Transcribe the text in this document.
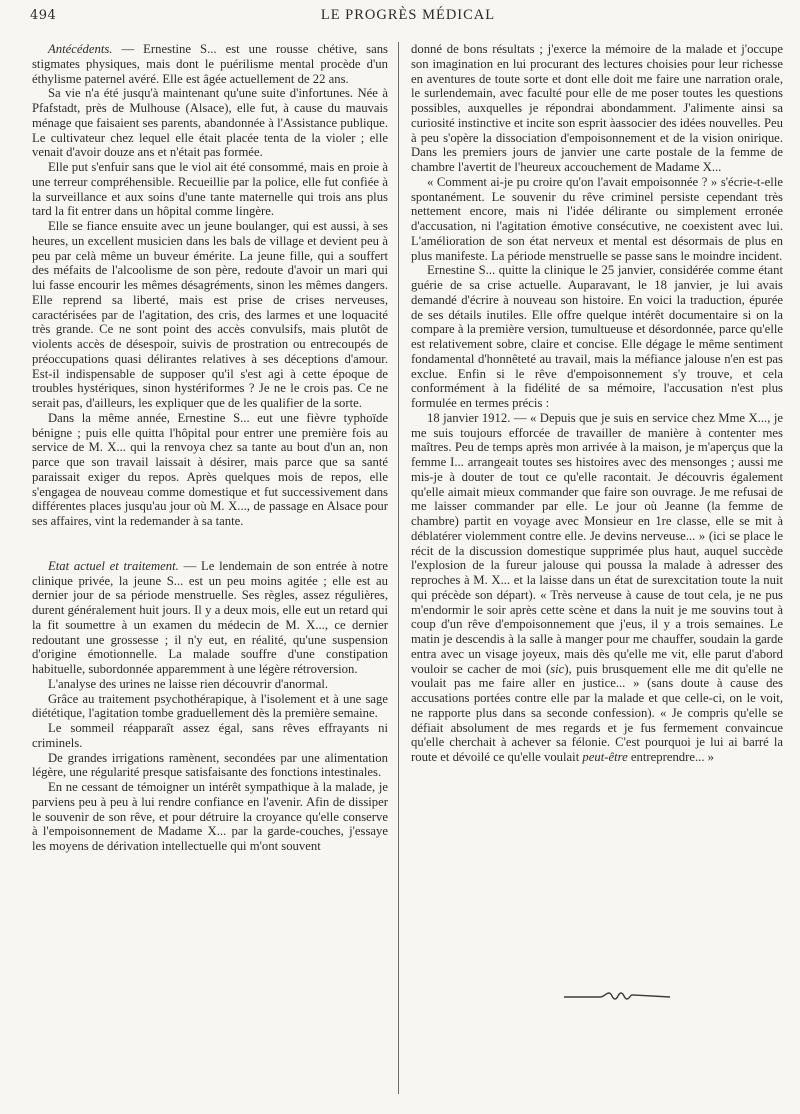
494	LE PROGRÈS MÉDICAL

Antécédents. — Ernestine S... est une rousse chétive, sans stigmates physiques, mais dont le puérilisme mental procède d'un éthylisme paternel avéré. Elle est âgée actuellement de 22 ans.

Sa vie n'a été jusqu'à maintenant qu'une suite d'infortunes. Née à Pfafstadt, près de Mulhouse (Alsace), elle fut, à cause du mauvais ménage que faisaient ses parents, abandonnée à l'Assistance publique. Le cultivateur chez lequel elle était placée tenta de la violer ; elle venait d'avoir douze ans et n'était pas formée.

Elle put s'enfuir sans que le viol ait été consommé, mais en proie à une terreur compréhensible. Recueillie par la police, elle fut confiée à la surveillance et aux soins d'une tante maternelle qui trois ans plus tard la fit entrer dans un hôpital comme lingère.

Elle se fiance ensuite avec un jeune boulanger, qui est aussi, à ses heures, un excellent musicien dans les bals de village et devient peu à peu par celà même un buveur émérite. La jeune fille, qui a souffert des méfaits de l'alcoolisme de son père, redoute d'avoir un mari qui lui fasse encourir les mêmes désagréments, sinon les mêmes dangers. Elle reprend sa liberté, mais est prise de crises nerveuses, caractérisées par de l'agitation, des cris, des larmes et une loquacité très grande. Ce ne sont point des accès convulsifs, mais plutôt de violents accès de désespoir, suivis de prostration ou entrecoupés de préoccupations quasi délirantes relatives à ses déceptions d'amour. Est-il indispensable de supposer qu'il s'est agi à cette époque de troubles hystériques, sinon hystériformes ? Je ne le crois pas. Ce ne serait pas, d'ailleurs, les expliquer que de les qualifier de la sorte.

Dans la même année, Ernestine S... eut une fièvre typhoïde bénigne ; puis elle quitta l'hôpital pour entrer une première fois au service de M. X... qui la renvoya chez sa tante au bout d'un an, non parce que son travail laissait à désirer, mais parce que sa santé paraissait exiger du repos. Après quelques mois de repos, elle s'engagea de nouveau comme domestique et fut successivement dans différentes places jusqu'au jour où M. X..., de passage en Alsace pour ses affaires, vint la redemander à sa tante.

Etat actuel et traitement. — Le lendemain de son entrée à notre clinique privée, la jeune S... est un peu moins agitée ; elle est au dernier jour de sa période menstruelle. Ses règles, assez régulières, durent généralement huit jours. Il y a deux mois, elle eut un retard qui la fit soumettre à un examen du médecin de M. X..., ce dernier redoutant une grossesse ; il n'y eut, en réalité, qu'une suspension d'origine émotionnelle. La malade souffre d'une constipation habituelle, subordonnée apparemment à une légère rétroversion.

L'analyse des urines ne laisse rien découvrir d'anormal.

Grâce au traitement psychothérapique, à l'isolement et à une sage diététique, l'agitation tombe graduellement dès la première semaine.

Le sommeil réapparaît assez égal, sans rêves effrayants ni criminels.

De grandes irrigations ramènent, secondées par une alimentation légère, une régularité presque satisfaisante des fonctions intestinales.

En ne cessant de témoigner un intérêt sympathique à la malade, je parviens peu à peu à lui rendre confiance en l'avenir. Afin de dissiper le souvenir de son rêve, et pour détruire la croyance qu'elle conserve à l'empoisonnement de Madame X... par la garde-couches, j'essaye les moyens de dérivation intellectuelle qui m'ont souvent

donné de bons résultats ; j'exerce la mémoire de la malade et j'occupe son imagination en lui procurant des lectures choisies pour leur richesse en aventures de toute sorte et dont elle doit me faire une narration orale, le surlendemain, avec faculté pour elle de me poser toutes les questions possibles, auxquelles je répondrai abondamment. J'alimente ainsi sa curiosité instinctive et incite son esprit àassocier des idées nouvelles. Peu à peu s'opère la dissociation d'empoisonnement et de la vision onirique. Dans les premiers jours de janvier une carte postale de la femme de chambre l'avertit de l'heureux accouchement de Madame X...

« Comment ai-je pu croire qu'on l'avait empoisonnée ? » s'écrie-t-elle spontanément. Le souvenir du rêve criminel persiste cependant très nettement encore, mais ni l'idée délirante ou simplement erronée d'accusation, ni l'agitation émotive consécutive, ne coexistent avec lui. L'amélioration de son état nerveux et mental est désormais de plus en plus manifeste. La période menstruelle se passe sans le moindre incident.

Ernestine S... quitte la clinique le 25 janvier, considérée comme étant guérie de sa crise actuelle. Auparavant, le 18 janvier, je lui avais demandé d'écrire à nouveau son histoire. En voici la traduction, épurée de ses détails inutiles. Elle offre quelque intérêt documentaire si on la compare à la première version, tumultueuse et désordonnée, parce qu'elle est relativement sobre, claire et concise. Elle dégage le même sentiment fondamental d'honnêteté au travail, mais la méfiance jalouse n'en est pas exclue. Enfin si le rêve d'empoisonnement s'y trouve, et cela conformément à la fidélité de sa mémoire, l'accusation n'est plus formulée en termes précis :

18 janvier 1912. — « Depuis que je suis en service chez Mme X..., je me suis toujours efforcée de travailler de manière à contenter mes maîtres. Peu de temps après mon arrivée à la maison, je m'aperçus que la femme I... arrangeait toutes ses histoires avec des mensonges ; aussi me mis-je à douter de tout ce qu'elle racontait. Je découvris également qu'elle aimait mieux commander que faire son ouvrage. Je me refusai de me laisser commander par elle. Le jour où Jeanne (la femme de chambre) partit en voyage avec Monsieur en 1re classe, elle se mit à déblatérer violemment contre elle. Je devins nerveuse... » (ici se place le récit de la discussion domestique supprimée plus haut, auquel succède l'explosion de la fureur jalouse qui poussa la malade à adresser des reproches à M. X... et la laisse dans un état de surexcitation toute la nuit qui précède son départ). « Très nerveuse à cause de tout cela, je ne pus m'endormir le soir après cette scène et dans la nuit je me souvins tout à coup d'un rêve d'empoisonnement que j'eus, il y a trois semaines. Le matin je descendis à la salle à manger pour me chauffer, soudain la garde entra avec un visage joyeux, mais dès qu'elle me vit, elle parut d'abord vouloir se cacher de moi (sic), puis brusquement elle me dit qu'elle ne voulait pas me faire aller en justice... » (sans doute à cause des accusations portées contre elle par la malade et que celle-ci, on le voit, ne rapporte plus dans sa seconde confession). « Je compris qu'elle se défiait absolument de mes regards et je fus fermement convaincue qu'elle cherchait à achever sa félonie. C'est pourquoi je lui ai barré la route et dévoilé ce qu'elle voulait peut-être entreprendre... »
